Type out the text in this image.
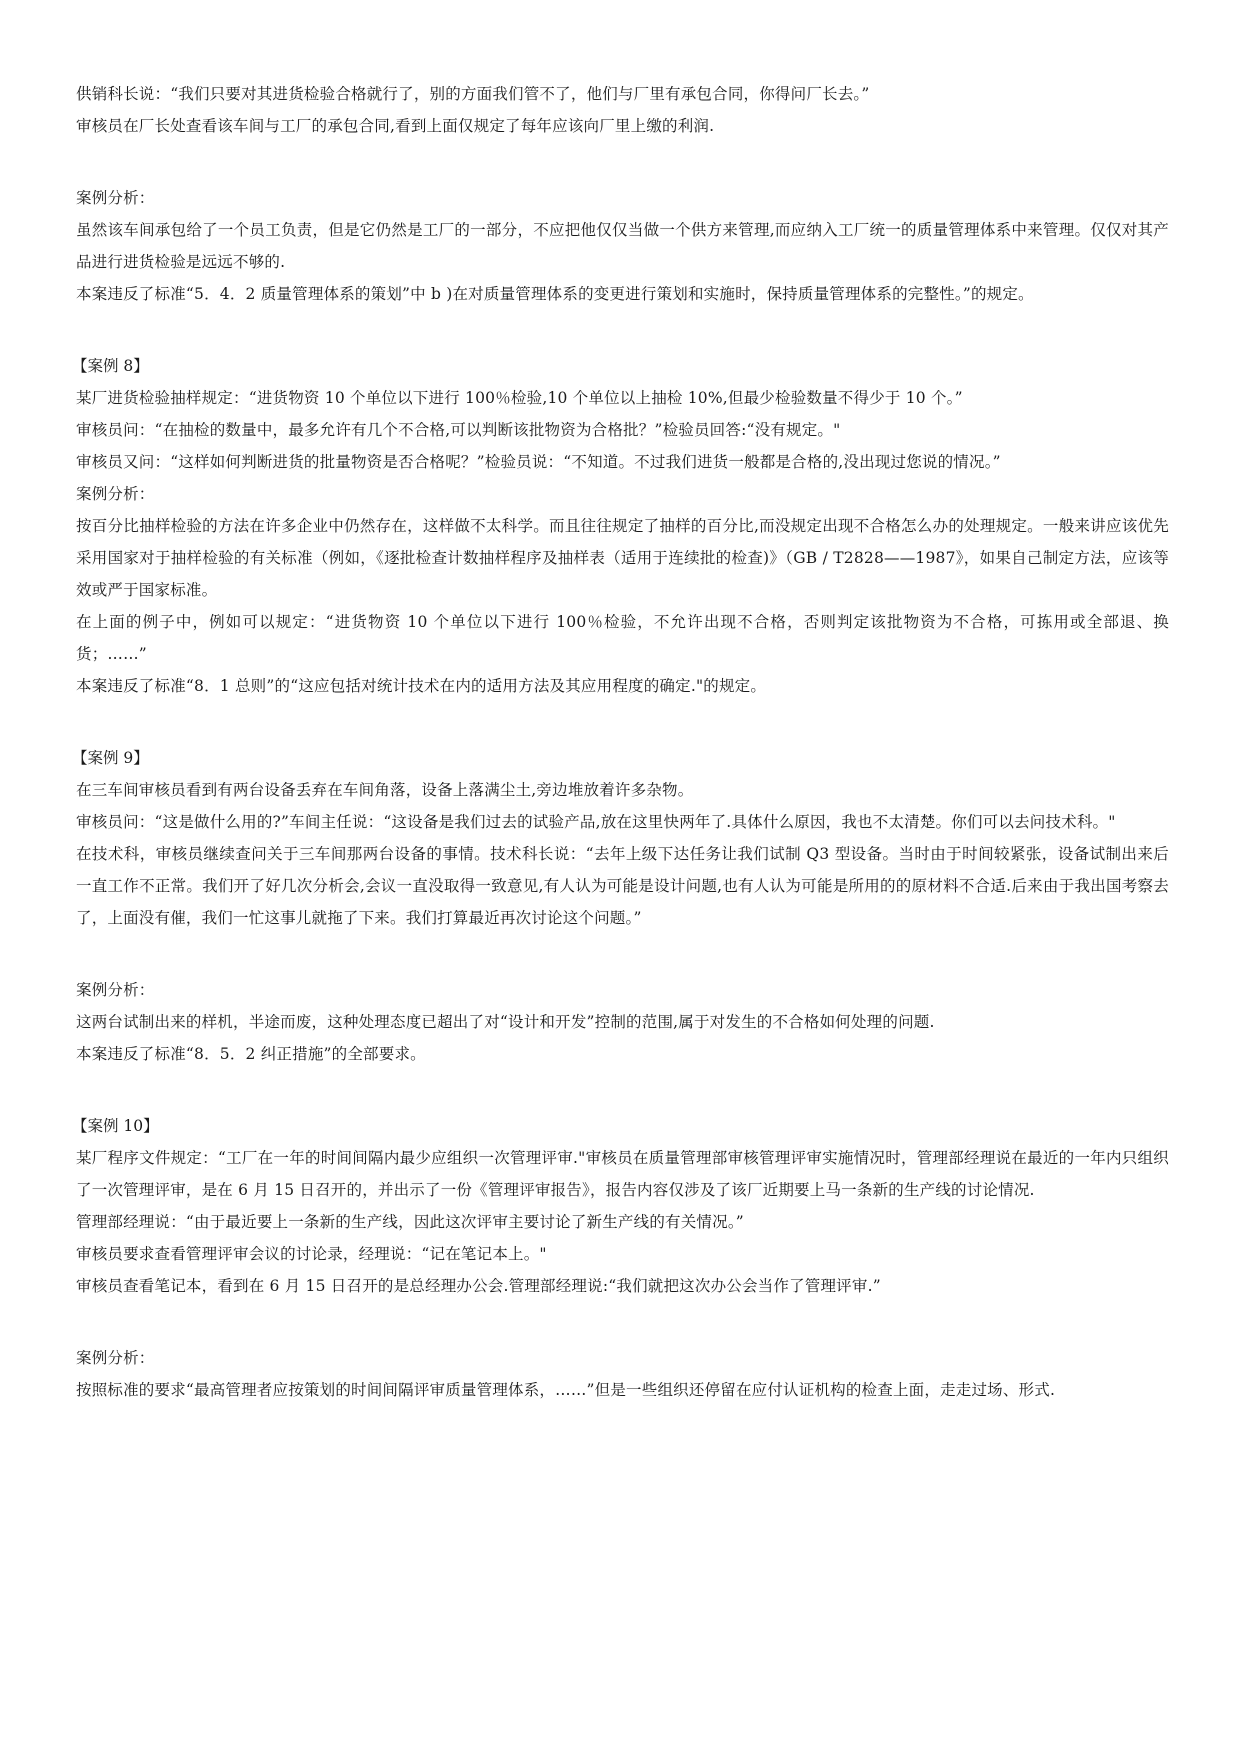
供销科长说：“我们只要对其进货检验合格就行了，别的方面我们管不了，他们与厂里有承包合同，你得问厂长去。”

审核员在厂长处查看该车间与工厂的承包合同,看到上面仅规定了每年应该向厂里上缴的利润.

案例分析：

虽然该车间承包给了一个员工负责，但是它仍然是工厂的一部分，不应把他仅仅当做一个供方来管理,而应纳入工厂统一的质量管理体系中来管理。仅仅对其产品进行进货检验是远远不够的.

本案违反了标准“5．4．2 质量管理体系的策划”中 b )在对质量管理体系的变更进行策划和实施时，保持质量管理体系的完整性。”的规定。

【案例 8】

某厂进货检验抽样规定：“进货物资 10 个单位以下进行 100％检验,10 个单位以上抽检 10%,但最少检验数量不得少于 10 个。”

审核员问：“在抽检的数量中，最多允许有几个不合格,可以判断该批物资为合格批？”检验员回答:“没有规定。"

审核员又问：“这样如何判断进货的批量物资是否合格呢？”检验员说：“不知道。不过我们进货一般都是合格的,没出现过您说的情况。”

案例分析：

按百分比抽样检验的方法在许多企业中仍然存在，这样做不太科学。而且往往规定了抽样的百分比,而没规定出现不合格怎么办的处理规定。一般来讲应该优先采用国家对于抽样检验的有关标准（例如，《逐批检查计数抽样程序及抽样表（适用于连续批的检查)》（GB / T2828——1987》，如果自己制定方法，应该等效或严于国家标准。

在上面的例子中，例如可以规定：“进货物资 10 个单位以下进行 100％检验，不允许出现不合格，否则判定该批物资为不合格，可拣用或全部退、换货；……”

本案违反了标准“8．1 总则”的“这应包括对统计技术在内的适用方法及其应用程度的确定."的规定。

【案例 9】

在三车间审核员看到有两台设备丢弃在车间角落，设备上落满尘土,旁边堆放着许多杂物。

审核员问：“这是做什么用的?”车间主任说：“这设备是我们过去的试验产品,放在这里快两年了.具体什么原因，我也不太清楚。你们可以去问技术科。"

在技术科，审核员继续查问关于三车间那两台设备的事情。技术科长说：“去年上级下达任务让我们试制 Q3 型设备。当时由于时间较紧张，设备试制出来后一直工作不正常。我们开了好几次分析会,会议一直没取得一致意见,有人认为可能是设计问题,也有人认为可能是所用的的原材料不合适.后来由于我出国考察去了，上面没有催，我们一忙这事儿就拖了下来。我们打算最近再次讨论这个问题。”

案例分析：

这两台试制出来的样机，半途而废，这种处理态度已超出了对“设计和开发”控制的范围,属于对发生的不合格如何处理的问题.

本案违反了标准“8．5．2 纠正措施”的全部要求。

【案例 10】

某厂程序文件规定：“工厂在一年的时间间隔内最少应组织一次管理评审."审核员在质量管理部审核管理评审实施情况时，管理部经理说在最近的一年内只组织了一次管理评审，是在 6 月 15 日召开的，并出示了一份《管理评审报告》，报告内容仅涉及了该厂近期要上马一条新的生产线的讨论情况.

管理部经理说：“由于最近要上一条新的生产线，因此这次评审主要讨论了新生产线的有关情况。”

审核员要求查看管理评审会议的讨论录，经理说：“记在笔记本上。"

审核员查看笔记本，看到在 6 月 15 日召开的是总经理办公会.管理部经理说:“我们就把这次办公会当作了管理评审.”

案例分析：

按照标准的要求“最高管理者应按策划的时间间隔评审质量管理体系，……”但是一些组织还停留在应付认证机构的检查上面，走走过场、形式.
